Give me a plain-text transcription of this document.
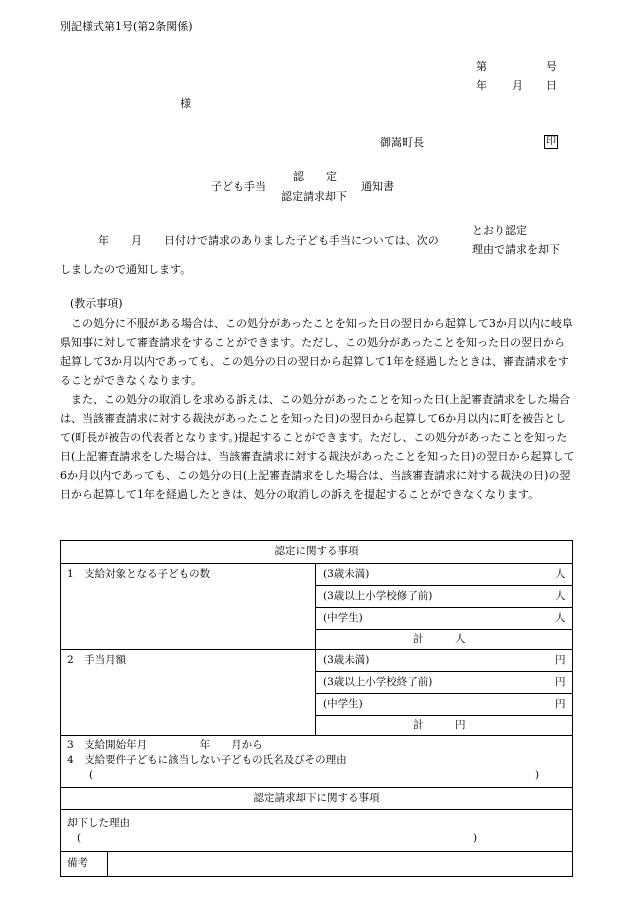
別記様式第1号(第2条関係)
第	号
年 月 日
様
御嵩町長	印
子ども手当
認　　定
認定請求却下
通知書
年　　月　　日付けで請求のありました子ども手当については、次の
とおり認定
理由で請求を却下
しましたので通知します。
(教示事項)

この処分に不服がある場合は、この処分があったことを知った日の翌日から起算して3か月以内に岐阜県知事に対して審査請求をすることができます。ただし、この処分があったことを知った日の翌日から起算して3か月以内であっても、この処分の日の翌日から起算して1年を経過したときは、審査請求をすることができなくなります。

また、この処分の取消しを求める訴えは、この処分があったことを知った日(上記審査請求をした場合は、当該審査請求に対する裁決があったことを知った日)の翌日から起算して6か月以内に町を被告として(町長が被告の代表者となります。)提起することができます。ただし、この処分があったことを知った日(上記審査請求をした場合は、当該審査請求に対する裁決があったことを知った日)の翌日から起算して6か月以内であっても、この処分の日(上記審査請求をした場合は、当該審査請求に対する裁決の日)の翌日から起算して1年を経過したときは、処分の取消しの訴えを提起することができなくなります。

認定に関する事項
1　支給対象となる子どもの数	(3歳未満)	人
(3歳以上小学校修了前)	人
(中学生)	人
計　　　人
2　手当月額	(3歳未満)	円
(3歳以上小学校終了前)	円
(中学生)	円
計　　　円
3　支給開始年月　　　　　年　　月から
4　支給要件子どもに該当しない子どもの氏名及びその理由
(	)
認定請求却下に関する事項
却下した理由
(	)
備考
